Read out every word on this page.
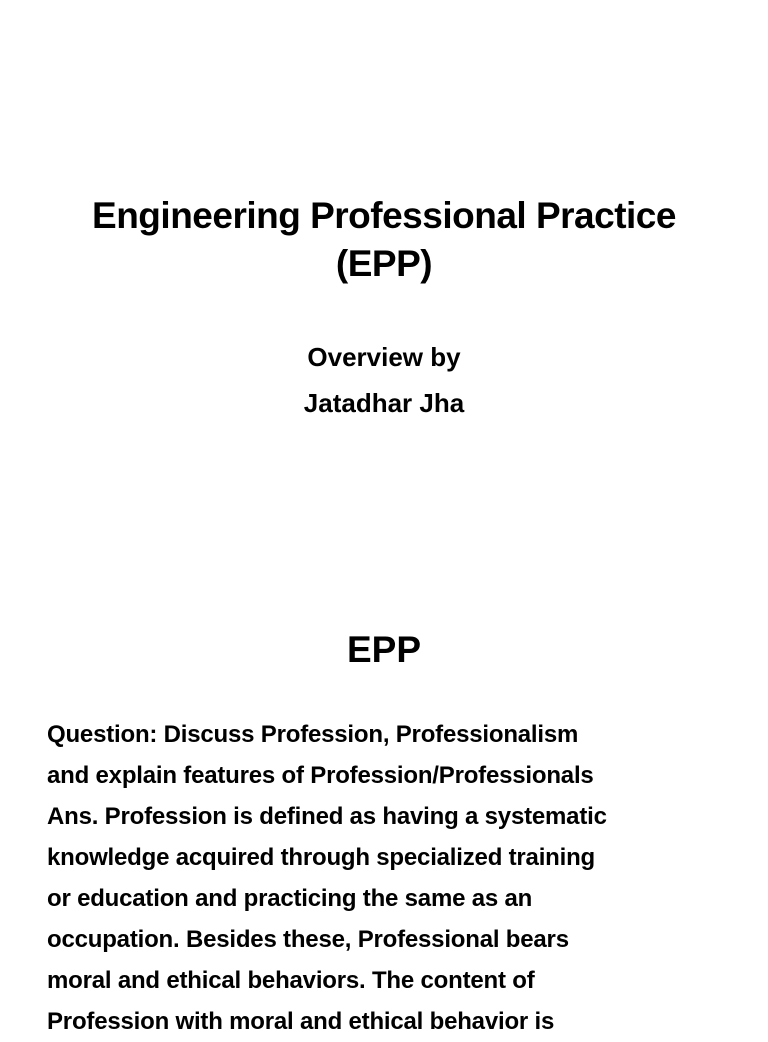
Engineering Professional Practice
(EPP)
Overview by
Jatadhar Jha
EPP
Question: Discuss Profession, Professionalism
and explain features of Profession/Professionals
Ans. Profession is defined as having a systematic
knowledge acquired through specialized training
or education and practicing the same as an
occupation. Besides these, Professional bears
moral and ethical behaviors. The content of
Profession with moral and ethical behavior is
